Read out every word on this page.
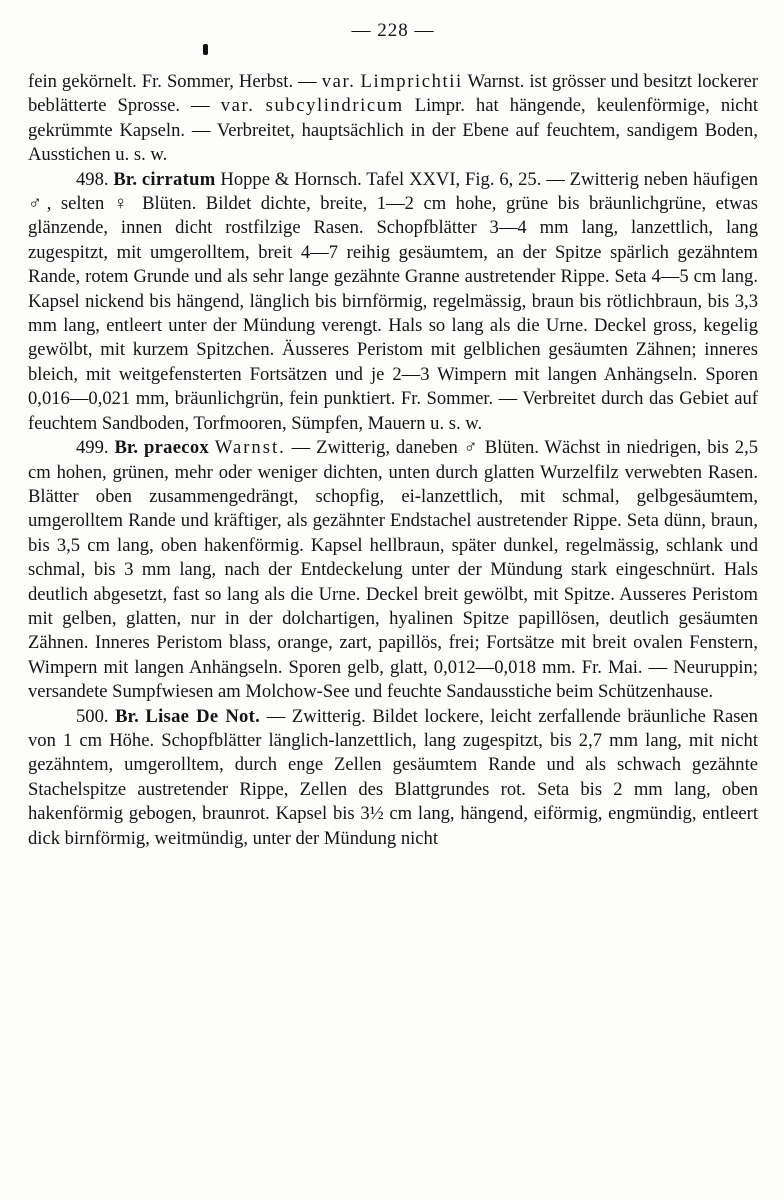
— 228 —

fein gekörnelt. Fr. Sommer, Herbst. — var. Limprichtii Warnst. ist grösser und besitzt lockerer beblätterte Sprosse. — var. subcylindricum Limpr. hat hängende, keulenförmige, nicht gekrümmte Kapseln. — Verbreitet, hauptsächlich in der Ebene auf feuchtem, sandigem Boden, Ausstichen u. s. w.

498. Br. cirratum Hoppe & Hornsch. Tafel XXVI, Fig. 6, 25. — Zwitterig neben häufigen ♂, selten ♀ Blüten. Bildet dichte, breite, 1—2 cm hohe, grüne bis bräunlichgrüne, etwas glänzende, innen dicht rostfilzige Rasen. Schopfblätter 3—4 mm lang, lanzettlich, lang zugespitzt, mit umgerolltem, breit 4—7 reihig gesäumtem, an der Spitze spärlich gezähntem Rande, rotem Grunde und als sehr lange gezähnte Granne austretender Rippe. Seta 4—5 cm lang. Kapsel nickend bis hängend, länglich bis birnförmig, regelmässig, braun bis rötlichbraun, bis 3,3 mm lang, entleert unter der Mündung verengt. Hals so lang als die Urne. Deckel gross, kegelig gewölbt, mit kurzem Spitzchen. Äusseres Peristom mit gelblichen gesäumten Zähnen; inneres bleich, mit weitgefensterten Fortsätzen und je 2—3 Wimpern mit langen Anhängseln. Sporen 0,016—0,021 mm, bräunlichgrün, fein punktiert. Fr. Sommer. — Verbreitet durch das Gebiet auf feuchtem Sandboden, Torfmooren, Sümpfen, Mauern u. s. w.

499. Br. praecox Warnst. — Zwitterig, daneben ♂ Blüten. Wächst in niedrigen, bis 2,5 cm hohen, grünen, mehr oder weniger dichten, unten durch glatten Wurzelfilz verwebten Rasen. Blätter oben zusammengedrängt, schopfig, ei-lanzettlich, mit schmal, gelbgesäumtem, umgerolltem Rande und kräftiger, als gezähnter Endstachel austretender Rippe. Seta dünn, braun, bis 3,5 cm lang, oben hakenförmig. Kapsel hellbraun, später dunkel, regelmässig, schlank und schmal, bis 3 mm lang, nach der Entdeckelung unter der Mündung stark eingeschnürt. Hals deutlich abgesetzt, fast so lang als die Urne. Deckel breit gewölbt, mit Spitze. Ausseres Peristom mit gelben, glatten, nur in der dolchartigen, hyalinen Spitze papillösen, deutlich gesäumten Zähnen. Inneres Peristom blass, orange, zart, papillös, frei; Fortsätze mit breit ovalen Fenstern, Wimpern mit langen Anhängseln. Sporen gelb, glatt, 0,012—0,018 mm. Fr. Mai. — Neuruppin; versandete Sumpfwiesen am Molchow-See und feuchte Sandausstiche beim Schützenhause.

500. Br. Lisae De Not. — Zwitterig. Bildet lockere, leicht zerfallende bräunliche Rasen von 1 cm Höhe. Schopfblätter länglich-lanzettlich, lang zugespitzt, bis 2,7 mm lang, mit nicht gezähntem, umgerolltem, durch enge Zellen gesäumtem Rande und als schwach gezähnte Stachelspitze austretender Rippe, Zellen des Blattgrundes rot. Seta bis 2 mm lang, oben hakenförmig gebogen, braunrot. Kapsel bis 3½ cm lang, hängend, eiförmig, engmündig, entleert dick birnförmig, weitmündig, unter der Mündung nicht
